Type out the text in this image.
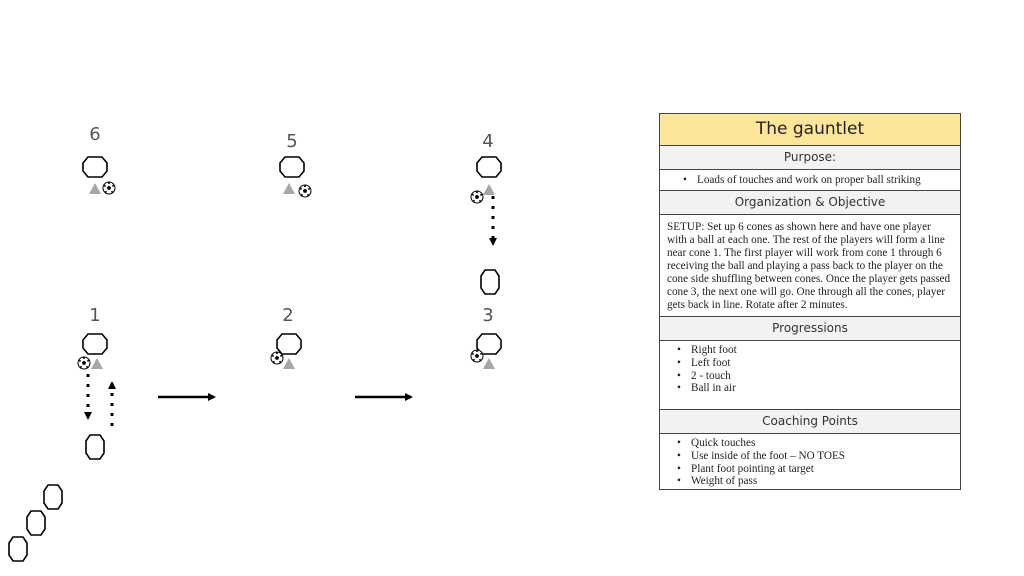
6	5	4
1	2	3
The gauntlet
Purpose:
• Loads of touches and work on proper ball striking
Organization & Objective
SETUP: Set up 6 cones as shown here and have one player with a ball at each one. The rest of the players will form a line near cone 1. The first player will work from cone 1 through 6 receiving the ball and playing a pass back to the player on the cone side shuffling between cones. Once the player gets passed cone 3, the next one will go. One through all the cones, player gets back in line. Rotate after 2 minutes.
Progressions
• Right foot
• Left foot
• 2 - touch
• Ball in air
Coaching Points
• Quick touches
• Use inside of the foot – NO TOES
• Plant foot pointing at target
• Weight of pass
